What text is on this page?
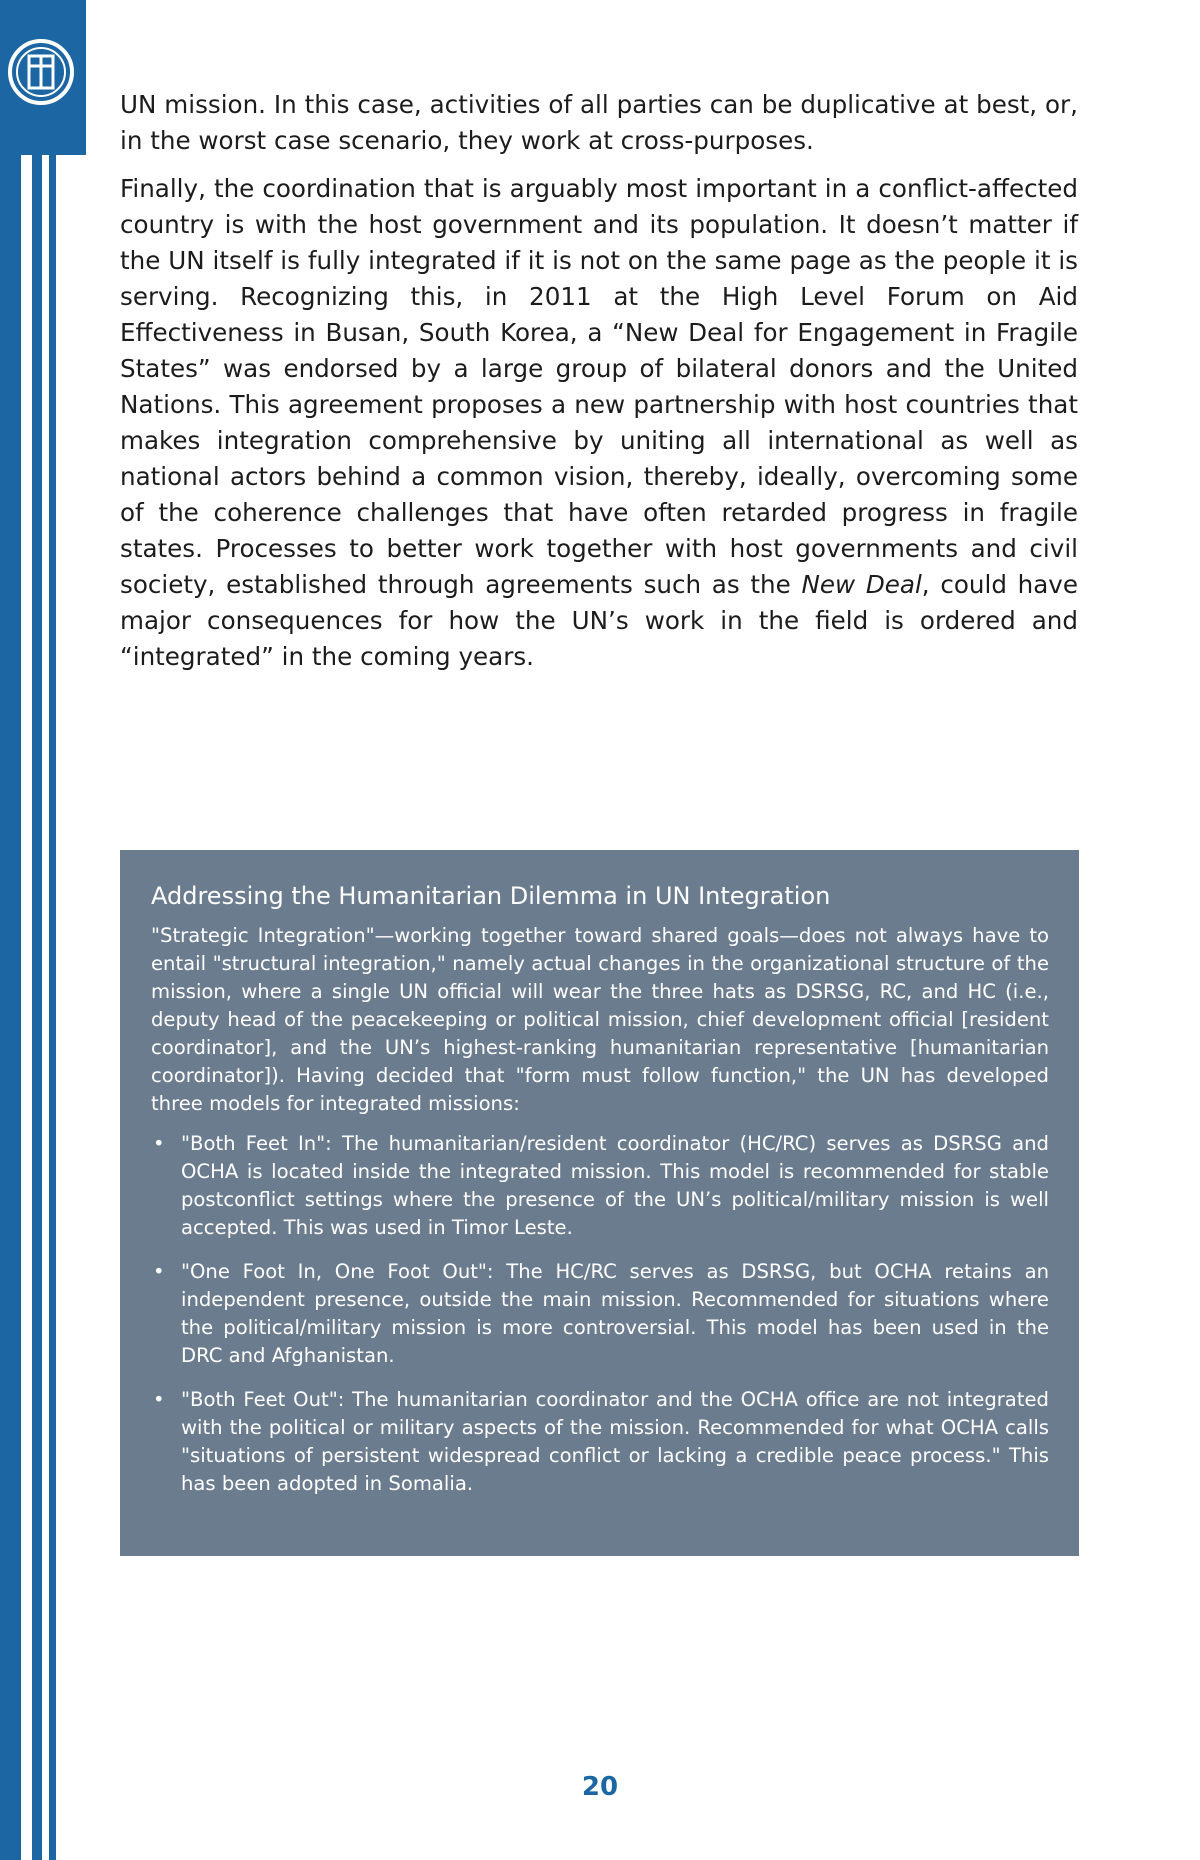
UN mission. In this case, activities of all parties can be duplicative at best, or, in the worst case scenario, they work at cross-purposes.

Finally, the coordination that is arguably most important in a conflict-affected country is with the host government and its population. It doesn’t matter if the UN itself is fully integrated if it is not on the same page as the people it is serving. Recognizing this, in 2011 at the High Level Forum on Aid Effectiveness in Busan, South Korea, a “New Deal for Engagement in Fragile States” was endorsed by a large group of bilateral donors and the United Nations. This agreement proposes a new partnership with host countries that makes integration comprehensive by uniting all international as well as national actors behind a common vision, thereby, ideally, overcoming some of the coherence challenges that have often retarded progress in fragile states. Processes to better work together with host governments and civil society, established through agreements such as the New Deal, could have major consequences for how the UN’s work in the field is ordered and “integrated” in the coming years.

Addressing the Humanitarian Dilemma in UN Integration

"Strategic Integration"—working together toward shared goals—does not always have to entail "structural integration," namely actual changes in the organizational structure of the mission, where a single UN official will wear the three hats as DSRSG, RC, and HC (i.e., deputy head of the peacekeeping or political mission, chief development official [resident coordinator], and the UN’s highest-ranking humanitarian representative [humanitarian coordinator]). Having decided that "form must follow function," the UN has developed three models for integrated missions:

• "Both Feet In": The humanitarian/resident coordinator (HC/RC) serves as DSRSG and OCHA is located inside the integrated mission. This model is recommended for stable postconflict settings where the presence of the UN’s political/military mission is well accepted. This was used in Timor Leste.
• "One Foot In, One Foot Out": The HC/RC serves as DSRSG, but OCHA retains an independent presence, outside the main mission. Recommended for situations where the political/military mission is more controversial. This model has been used in the DRC and Afghanistan.
• "Both Feet Out": The humanitarian coordinator and the OCHA office are not integrated with the political or military aspects of the mission. Recommended for what OCHA calls "situations of persistent widespread conflict or lacking a credible peace process." This has been adopted in Somalia.
20
